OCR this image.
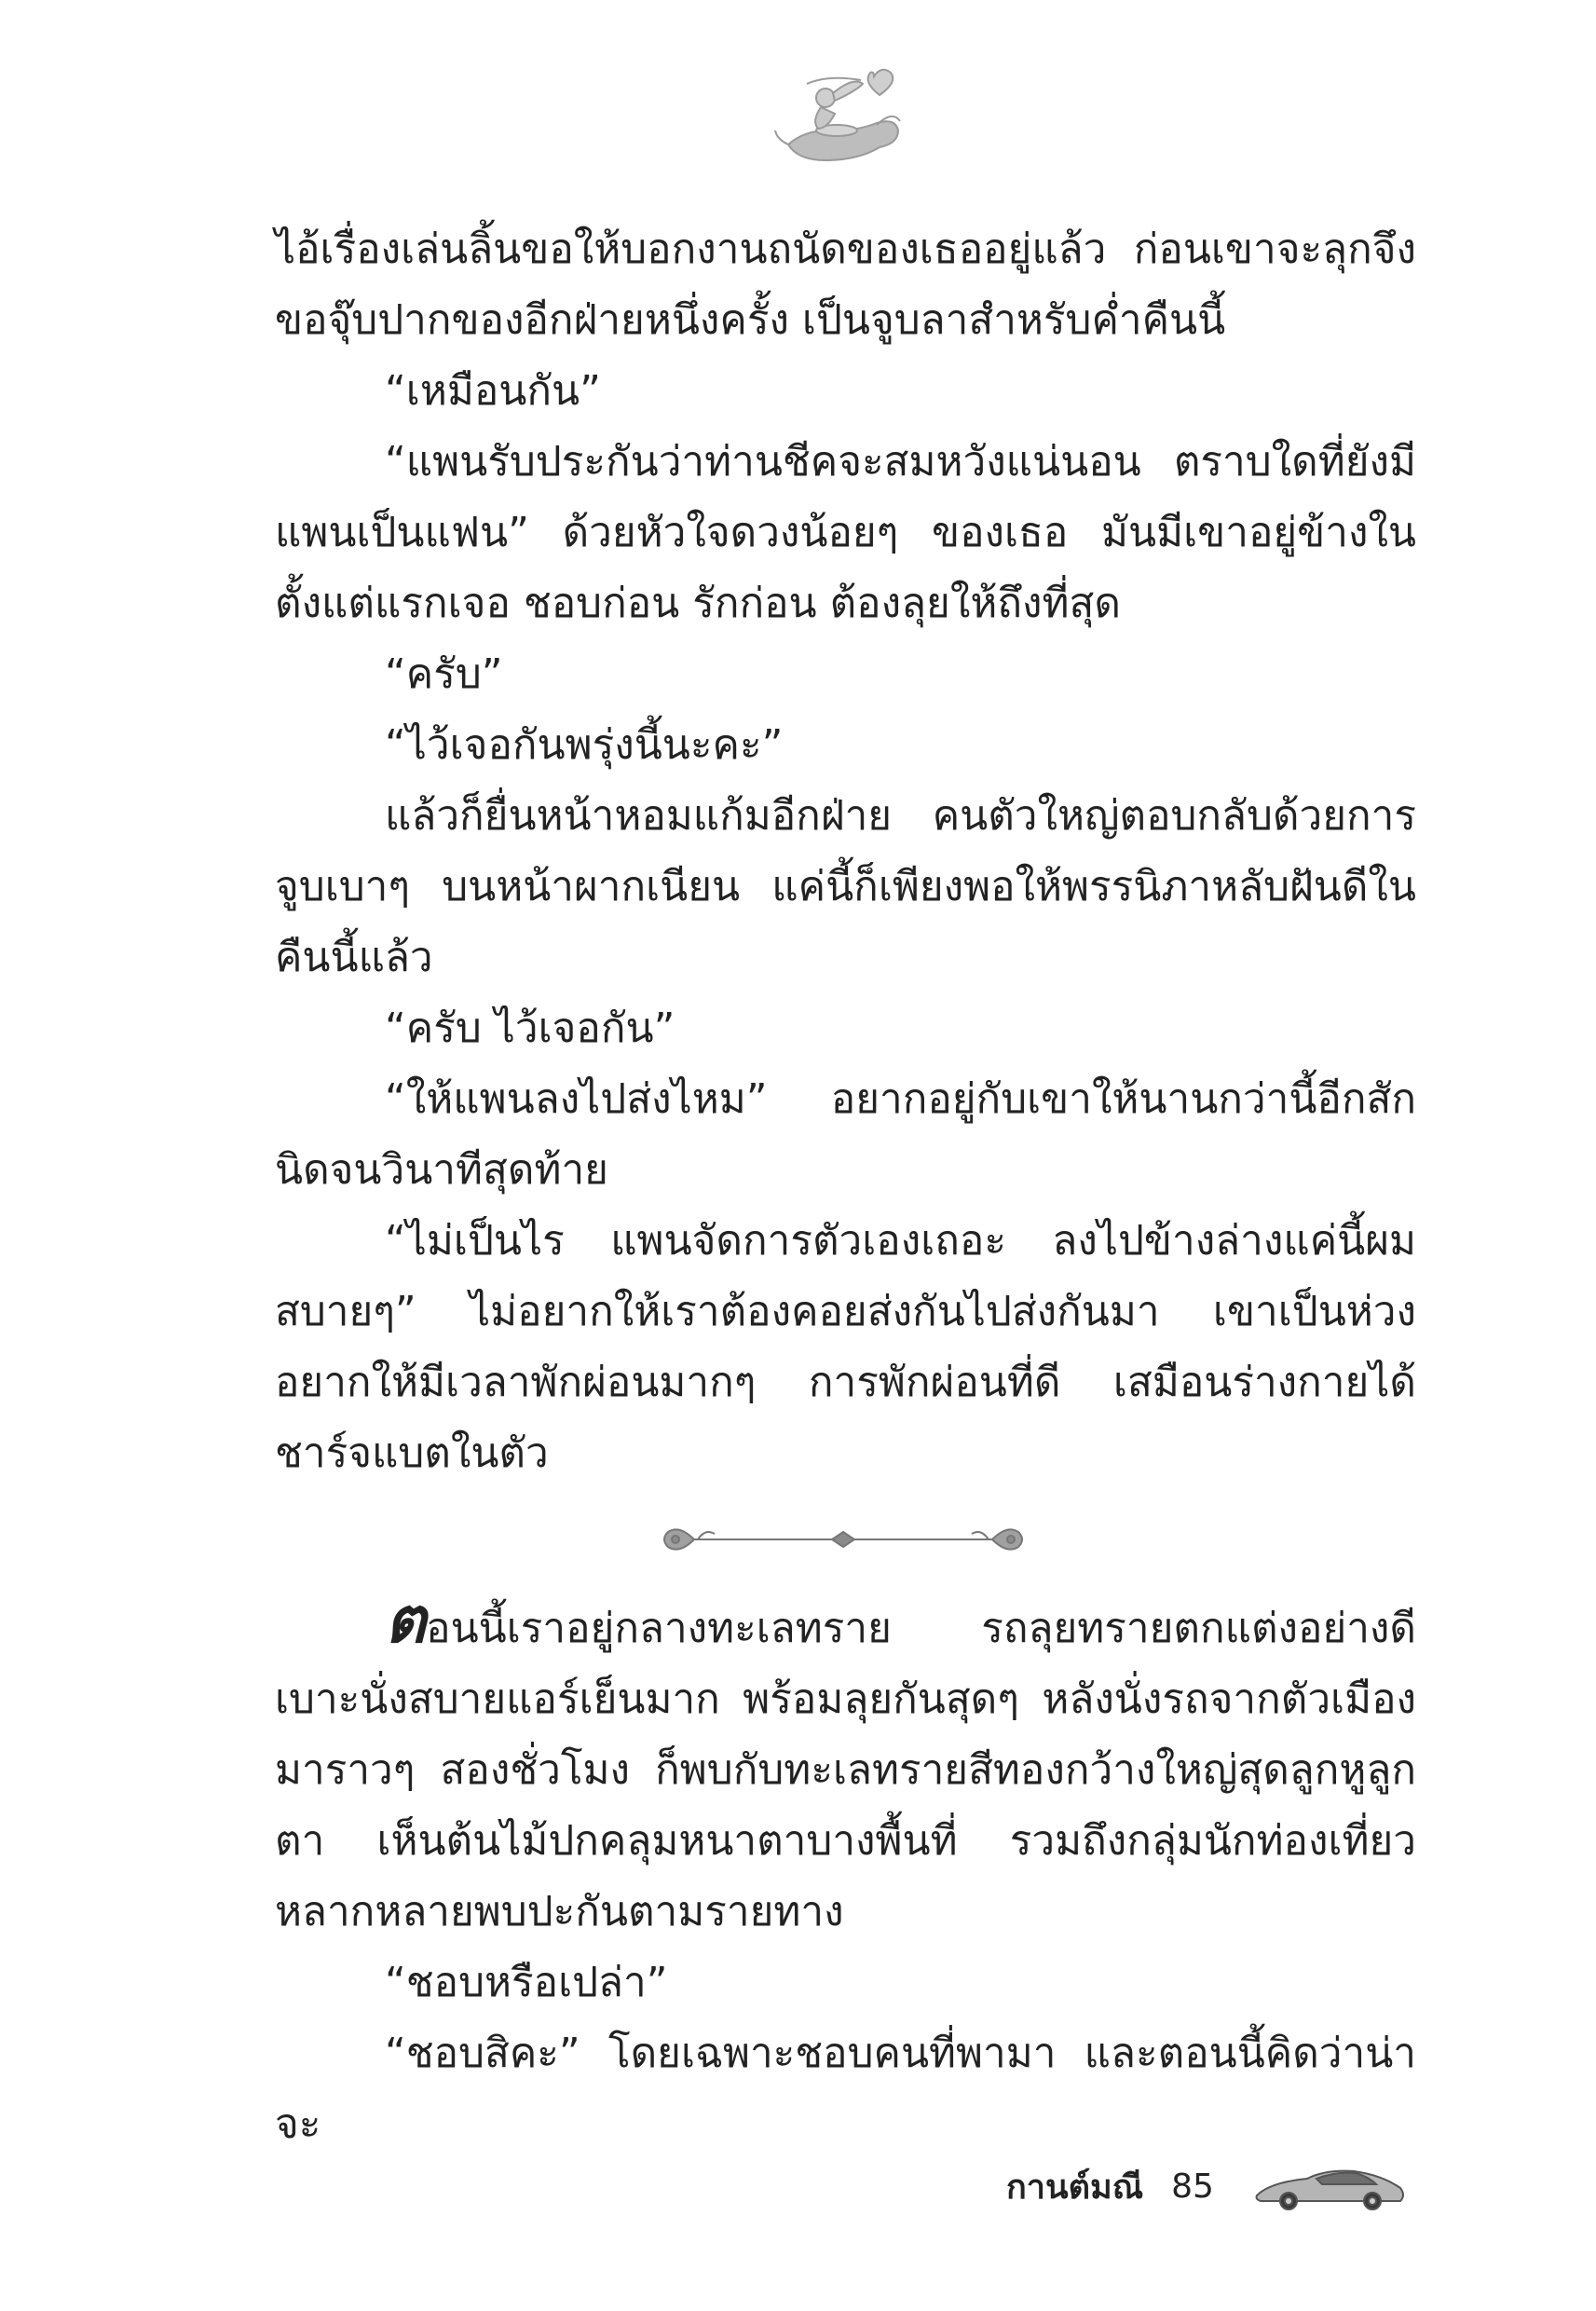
ไอ้เรื่องเล่นลิ้นขอให้บอกงานถนัดของเธออยู่แล้ว ก่อนเขาจะลุกจึงขอจุ๊บปากของอีกฝ่ายหนึ่งครั้ง เป็นจูบลาสำหรับค่ำคืนนี้

“เหมือนกัน”

“แพนรับประกันว่าท่านชีคจะสมหวังแน่นอน ตราบใดที่ยังมีแพนเป็นแฟน” ด้วยหัวใจดวงน้อยๆ ของเธอ มันมีเขาอยู่ข้างในตั้งแต่แรกเจอ ชอบก่อน รักก่อน ต้องลุยให้ถึงที่สุด

“ครับ”

“ไว้เจอกันพรุ่งนี้นะคะ”

แล้วก็ยื่นหน้าหอมแก้มอีกฝ่าย คนตัวใหญ่ตอบกลับด้วยการจูบเบาๆ บนหน้าผากเนียน แค่นี้ก็เพียงพอให้พรรนิภาหลับฝันดีในคืนนี้แล้ว

“ครับ ไว้เจอกัน”

“ให้แพนลงไปส่งไหม” อยากอยู่กับเขาให้นานกว่านี้อีกสักนิดจนวินาทีสุดท้าย

“ไม่เป็นไร แพนจัดการตัวเองเถอะ ลงไปข้างล่างแค่นี้ผมสบายๆ” ไม่อยากให้เราต้องคอยส่งกันไปส่งกันมา เขาเป็นห่วง อยากให้มีเวลาพักผ่อนมากๆ การพักผ่อนที่ดี เสมือนร่างกายได้ชาร์จแบตในตัว

ตอนนี้เราอยู่กลางทะเลทราย รถลุยทรายตกแต่งอย่างดี เบาะนั่งสบายแอร์เย็นมาก พร้อมลุยกันสุดๆ หลังนั่งรถจากตัวเมืองมาราวๆ สองชั่วโมง ก็พบกับทะเลทรายสีทองกว้างใหญ่สุดลูกหูลูกตา เห็นต้นไม้ปกคลุมหนาตาบางพื้นที่ รวมถึงกลุ่มนักท่องเที่ยวหลากหลายพบปะกันตามรายทาง

“ชอบหรือเปล่า”

“ชอบสิคะ” โดยเฉพาะชอบคนที่พามา และตอนนี้คิดว่าน่าจะ

กานต์มณี 85
